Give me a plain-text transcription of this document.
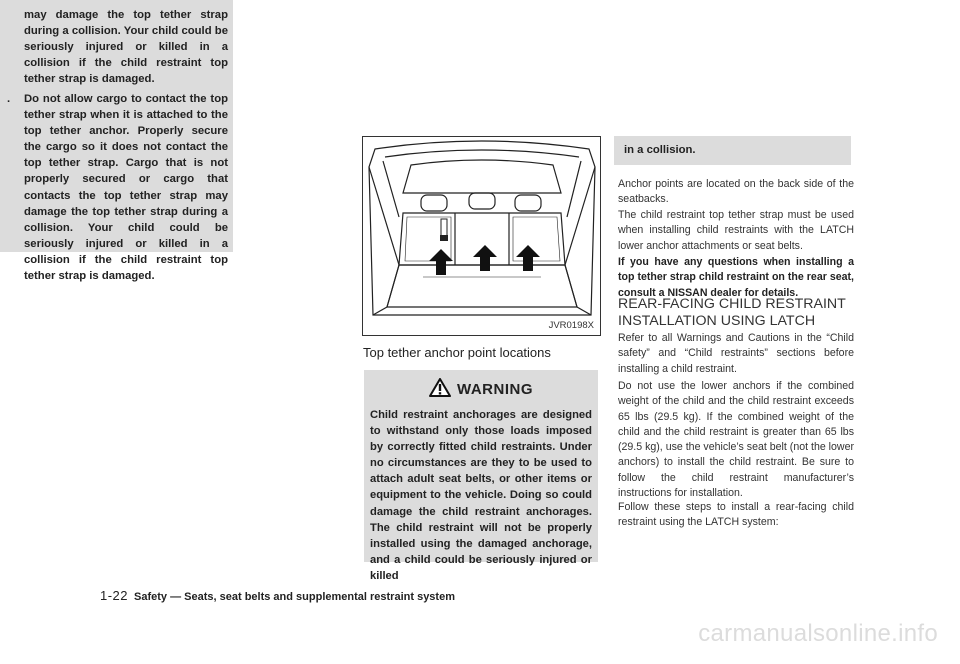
may damage the top tether strap during a collision. Your child could be seriously injured or killed in a collision if the child restraint top tether strap is damaged.

. Do not allow cargo to contact the top tether strap when it is attached to the top tether anchor. Properly secure the cargo so it does not contact the top tether strap. Cargo that is not properly secured or cargo that contacts the top tether strap may damage the top tether strap during a collision. Your child could be seriously injured or killed in a collision if the child restraint top tether strap is damaged.

JVR0198X
Top tether anchor point locations
WARNING
Child restraint anchorages are designed to withstand only those loads imposed by correctly fitted child restraints. Under no circumstances are they to be used to attach adult seat belts, or other items or equipment to the vehicle. Doing so could damage the child restraint anchorages. The child restraint will not be properly installed using the damaged anchorage, and a child could be seriously injured or killed
in a collision.
Anchor points are located on the back side of the seatbacks.
The child restraint top tether strap must be used when installing child restraints with the LATCH lower anchor attachments or seat belts.
If you have any questions when installing a top tether strap child restraint on the rear seat, consult a NISSAN dealer for details.
REAR-FACING CHILD RESTRAINT INSTALLATION USING LATCH
Refer to all Warnings and Cautions in the “Child safety” and “Child restraints” sections before installing a child restraint.
Do not use the lower anchors if the combined weight of the child and the child restraint exceeds 65 lbs (29.5 kg). If the combined weight of the child and the child restraint is greater than 65 lbs (29.5 kg), use the vehicle’s seat belt (not the lower anchors) to install the child restraint. Be sure to follow the child restraint manufacturer’s instructions for installation.
Follow these steps to install a rear-facing child restraint using the LATCH system:
1-22 Safety — Seats, seat belts and supplemental restraint system
carmanualsonline.info
